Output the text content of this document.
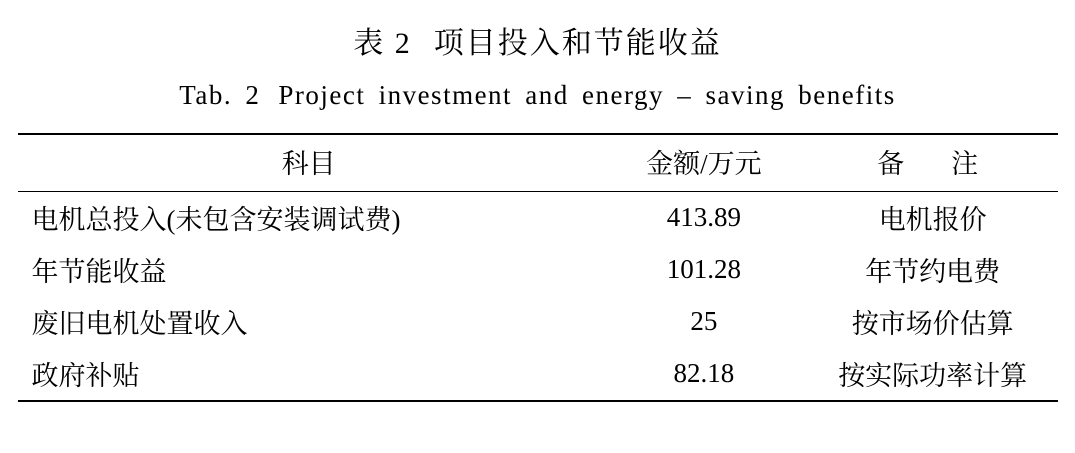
表 2 项目投入和节能收益
Tab. 2 Project investment and energy – saving benefits
科目	金额/万元	备　注
电机总投入(未包含安装调试费)	413.89	电机报价
年节能收益	101.28	年节约电费
废旧电机处置收入	25	按市场价估算
政府补贴	82.18	按实际功率计算
